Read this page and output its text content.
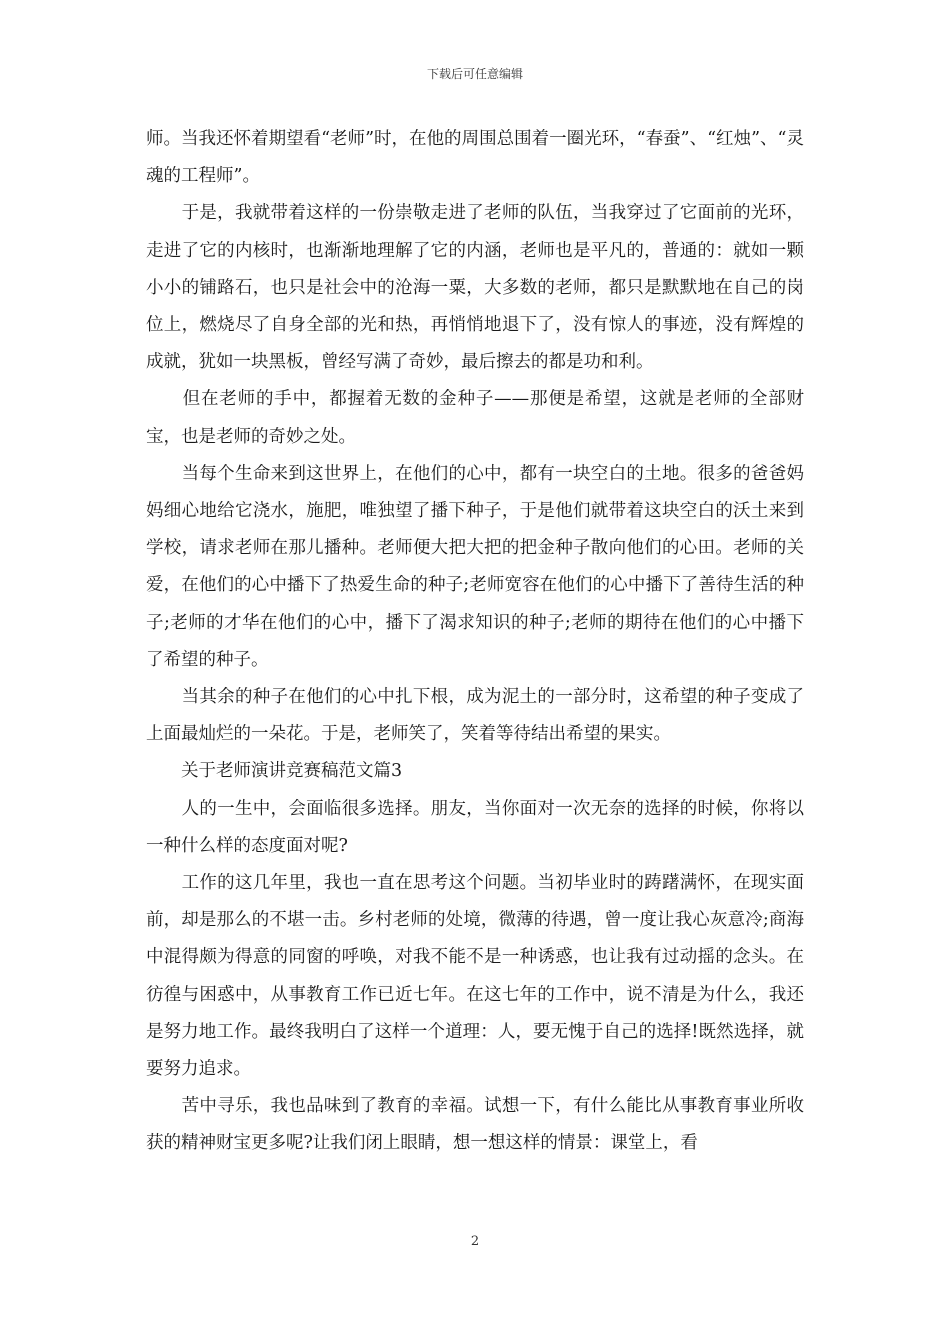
下载后可任意编辑

师。当我还怀着期望看“老师”时，在他的周围总围着一圈光环，“春蚕”、“红烛”、“灵魂的工程师”。

　　于是，我就带着这样的一份崇敬走进了老师的队伍，当我穿过了它面前的光环，走进了它的内核时，也渐渐地理解了它的内涵，老师也是平凡的，普通的：就如一颗小小的铺路石，也只是社会中的沧海一粟，大多数的老师，都只是默默地在自己的岗位上，燃烧尽了自身全部的光和热，再悄悄地退下了，没有惊人的事迹，没有辉煌的成就，犹如一块黑板，曾经写满了奇妙，最后擦去的都是功和利。

　　但在老师的手中，都握着无数的金种子——那便是希望，这就是老师的全部财宝，也是老师的奇妙之处。

　　当每个生命来到这世界上，在他们的心中，都有一块空白的土地。很多的爸爸妈妈细心地给它浇水，施肥，唯独望了播下种子，于是他们就带着这块空白的沃土来到学校，请求老师在那儿播种。老师便大把大把的把金种子散向他们的心田。老师的关爱，在他们的心中播下了热爱生命的种子;老师宽容在他们的心中播下了善待生活的种子;老师的才华在他们的心中，播下了渴求知识的种子;老师的期待在他们的心中播下了希望的种子。

　　当其余的种子在他们的心中扎下根，成为泥土的一部分时，这希望的种子变成了上面最灿烂的一朵花。于是，老师笑了，笑着等待结出希望的果实。

　　关于老师演讲竞赛稿范文篇3

　　人的一生中，会面临很多选择。朋友，当你面对一次无奈的选择的时候，你将以一种什么样的态度面对呢?

　　工作的这几年里，我也一直在思考这个问题。当初毕业时的踌躇满怀，在现实面前，却是那么的不堪一击。乡村老师的处境，微薄的待遇，曾一度让我心灰意冷;商海中混得颇为得意的同窗的呼唤，对我不能不是一种诱惑，也让我有过动摇的念头。在彷徨与困惑中，从事教育工作已近七年。在这七年的工作中，说不清是为什么，我还是努力地工作。最终我明白了这样一个道理：人，要无愧于自己的选择!既然选择，就要努力追求。

　　苦中寻乐，我也品味到了教育的幸福。试想一下，有什么能比从事教育事业所收获的精神财宝更多呢?让我们闭上眼睛，想一想这样的情景：课堂上，看

2
